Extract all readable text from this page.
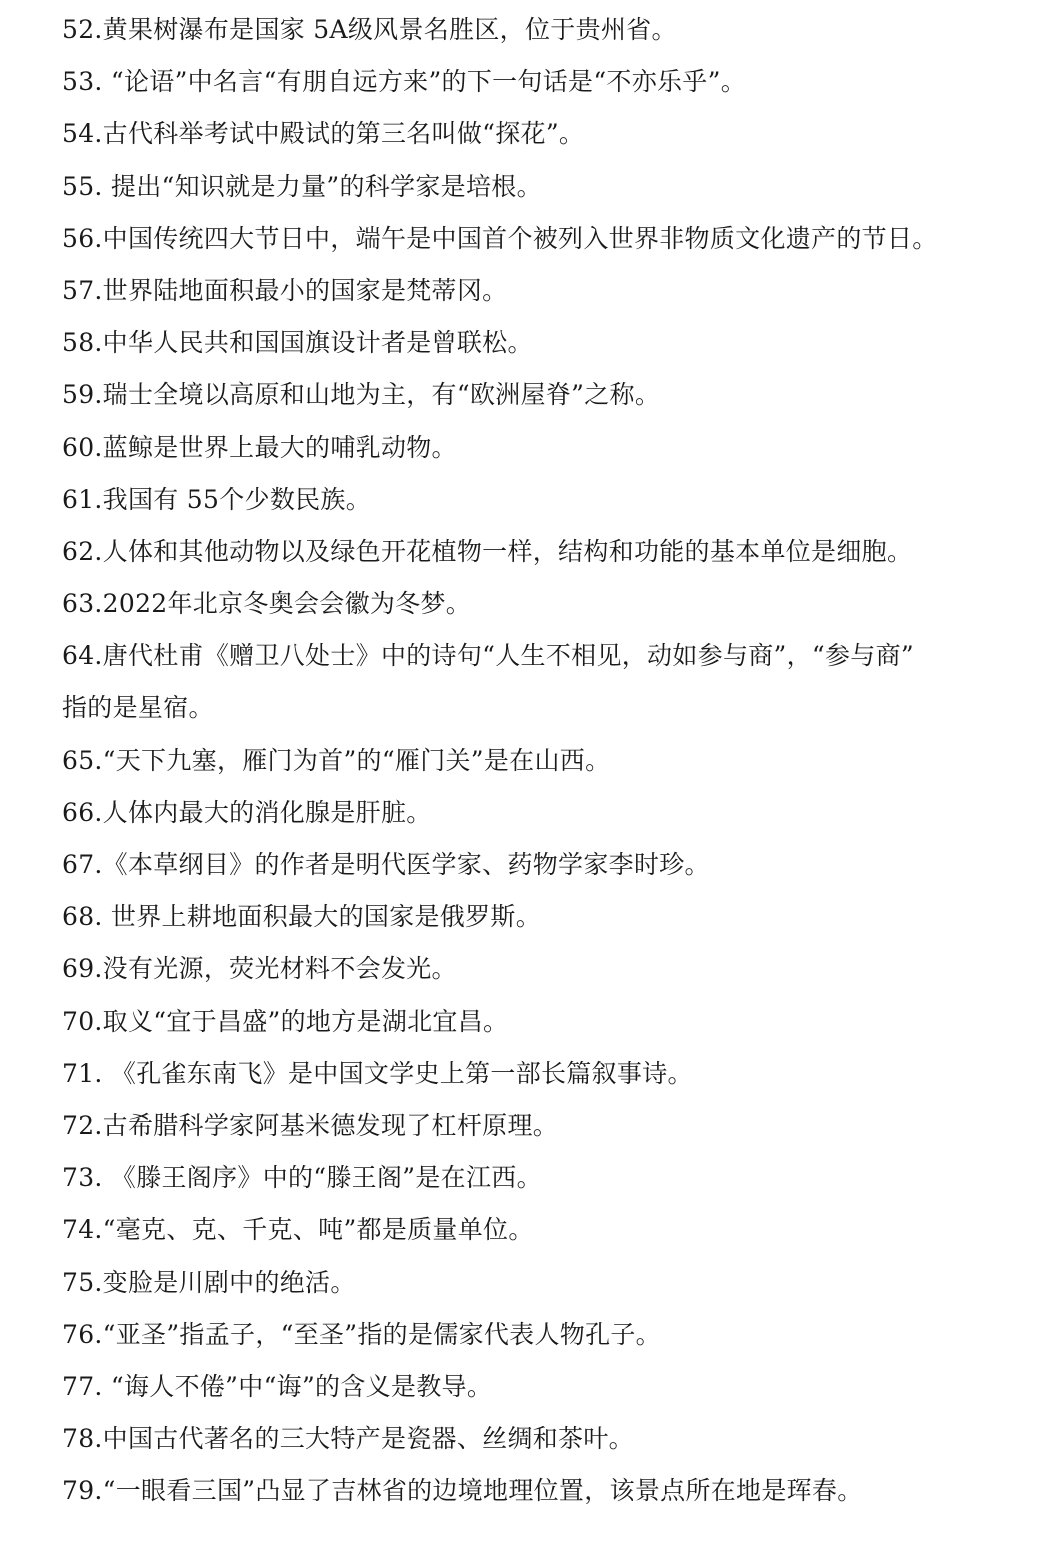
52.黄果树瀑布是国家 5A级风景名胜区，位于贵州省。
53. “论语”中名言“有朋自远方来”的下一句话是“不亦乐乎”。
54.古代科举考试中殿试的第三名叫做“探花”。
55. 提出“知识就是力量”的科学家是培根。
56.中国传统四大节日中，端午是中国首个被列入世界非物质文化遗产的节日。
57.世界陆地面积最小的国家是梵蒂冈。
58.中华人民共和国国旗设计者是曾联松。
59.瑞士全境以高原和山地为主，有“欧洲屋脊”之称。
60.蓝鲸是世界上最大的哺乳动物。
61.我国有 55个少数民族。
62.人体和其他动物以及绿色开花植物一样，结构和功能的基本单位是细胞。
63.2022年北京冬奥会会徽为冬梦。
64.唐代杜甫《赠卫八处士》中的诗句“人生不相见，动如参与商”，“参与商”
指的是星宿。
65.“天下九塞，雁门为首”的“雁门关”是在山西。
66.人体内最大的消化腺是肝脏。
67.《本草纲目》的作者是明代医学家、药物学家李时珍。
68. 世界上耕地面积最大的国家是俄罗斯。
69.没有光源，荧光材料不会发光。
70.取义“宜于昌盛”的地方是湖北宜昌。
71. 《孔雀东南飞》是中国文学史上第一部长篇叙事诗。
72.古希腊科学家阿基米德发现了杠杆原理。
73. 《滕王阁序》中的“滕王阁”是在江西。
74.“毫克、克、千克、吨”都是质量单位。
75.变脸是川剧中的绝活。
76.“亚圣”指孟子，“至圣”指的是儒家代表人物孔子。
77. “诲人不倦”中“诲”的含义是教导。
78.中国古代著名的三大特产是瓷器、丝绸和茶叶。
79.“一眼看三国”凸显了吉林省的边境地理位置，该景点所在地是珲春。
